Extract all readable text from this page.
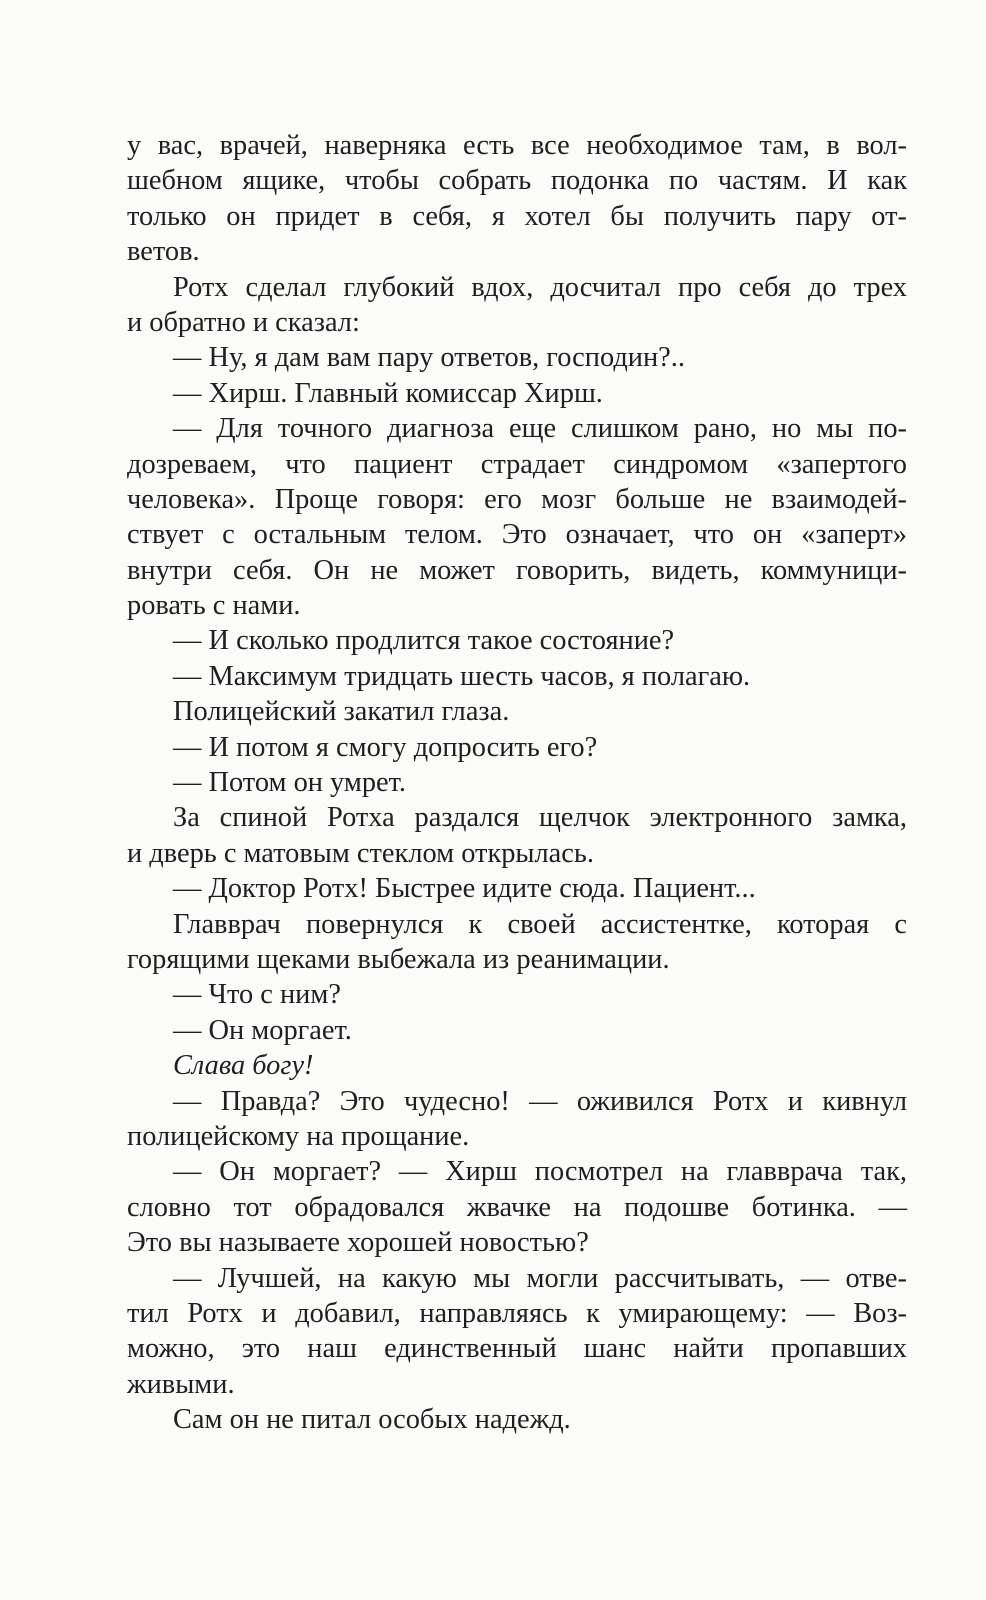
у вас, врачей, наверняка есть все необходимое там, в вол-
шебном ящике, чтобы собрать подонка по частям. И как
только он придет в себя, я хотел бы получить пару от-
ветов.
Ротх сделал глубокий вдох, досчитал про себя до трех
и обратно и сказал:
— Ну, я дам вам пару ответов, господин?..
— Хирш. Главный комиссар Хирш.
— Для точного диагноза еще слишком рано, но мы по-
дозреваем, что пациент страдает синдромом «запертого
человека». Проще говоря: его мозг больше не взаимодей-
ствует с остальным телом. Это означает, что он «заперт»
внутри себя. Он не может говорить, видеть, коммуници-
ровать с нами.
— И сколько продлится такое состояние?
— Максимум тридцать шесть часов, я полагаю.
Полицейский закатил глаза.
— И потом я смогу допросить его?
— Потом он умрет.
За спиной Ротха раздался щелчок электронного замка,
и дверь с матовым стеклом открылась.
— Доктор Ротх! Быстрее идите сюда. Пациент...
Главврач повернулся к своей ассистентке, которая с
горящими щеками выбежала из реанимации.
— Что с ним?
— Он моргает.
Слава богу!
— Правда? Это чудесно! — оживился Ротх и кивнул
полицейскому на прощание.
— Он моргает? — Хирш посмотрел на главврача так,
словно тот обрадовался жвачке на подошве ботинка. —
Это вы называете хорошей новостью?
— Лучшей, на какую мы могли рассчитывать, — отве-
тил Ротх и добавил, направляясь к умирающему: — Воз-
можно, это наш единственный шанс найти пропавших
живыми.
Сам он не питал особых надежд.
